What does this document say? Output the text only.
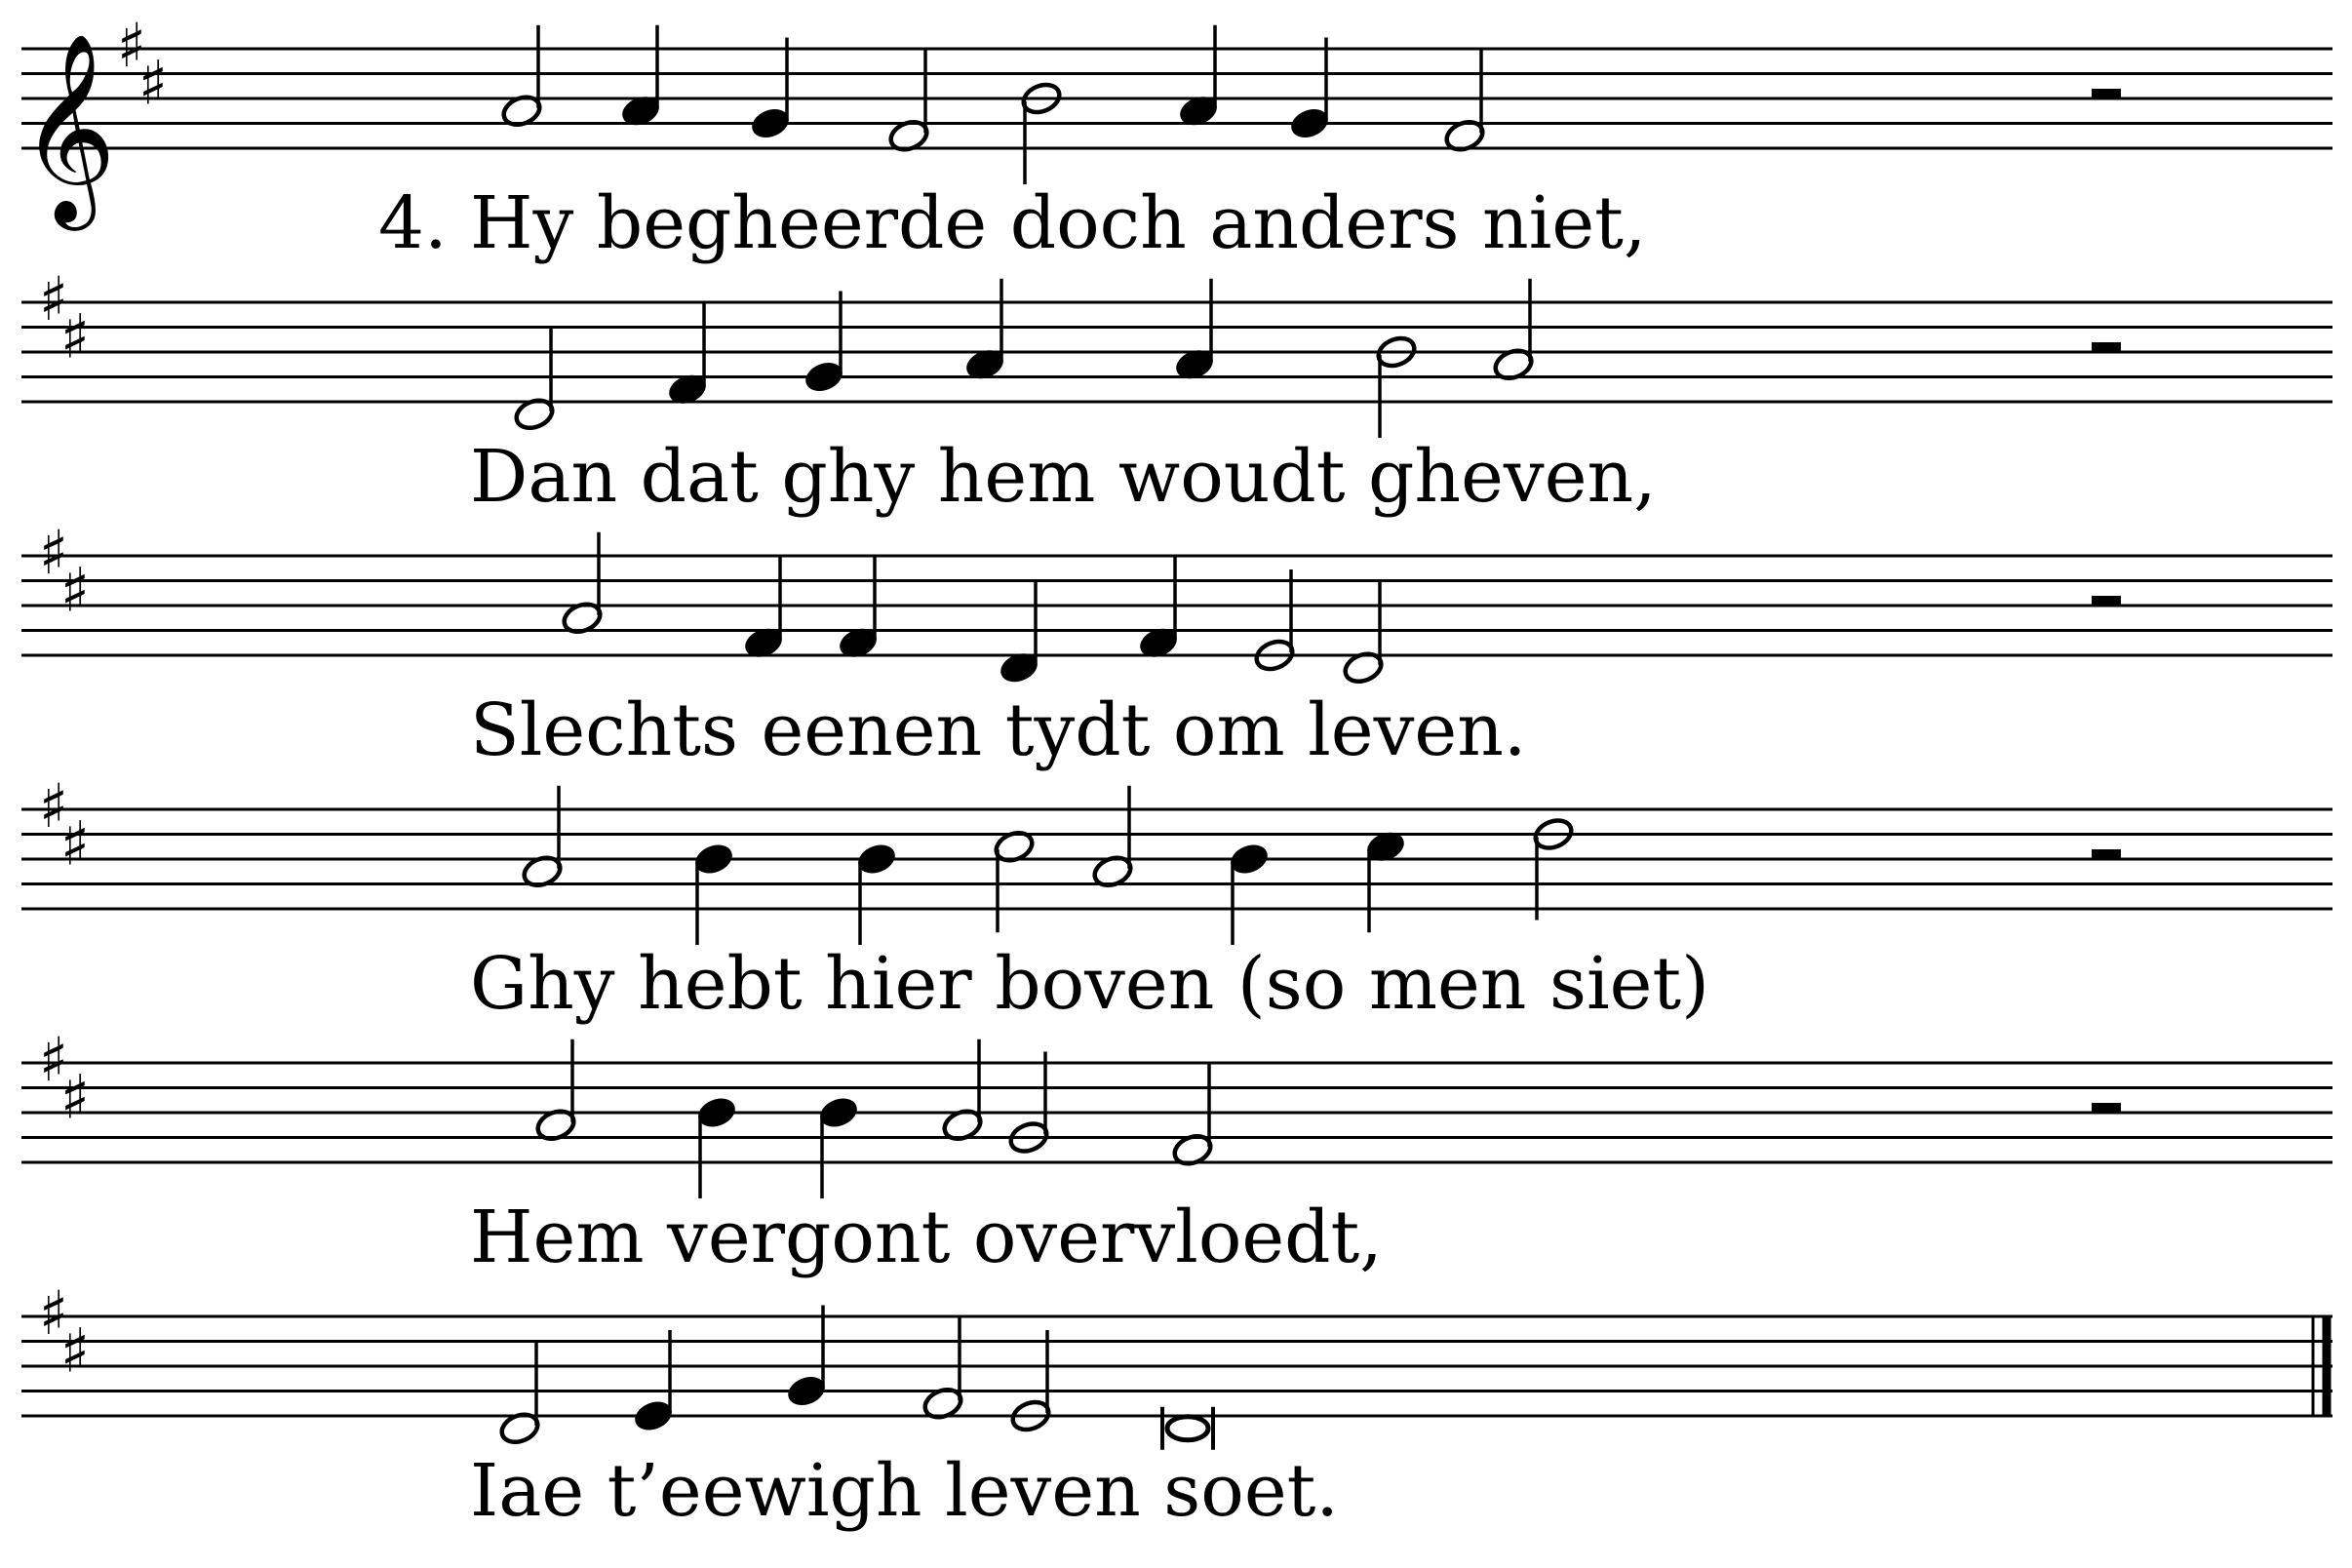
𝄞 ♯
♯
♯
♯
♯
♯
♯
♯
♯
♯
♯
♯
4. Hy begheerde doch anders niet,
Dan dat ghy hem woudt gheven,
Slechts eenen tydt om leven.
Ghy hebt hier boven (so men siet)
Hem vergont overvloedt,
Iae t’eewigh leven soet.
